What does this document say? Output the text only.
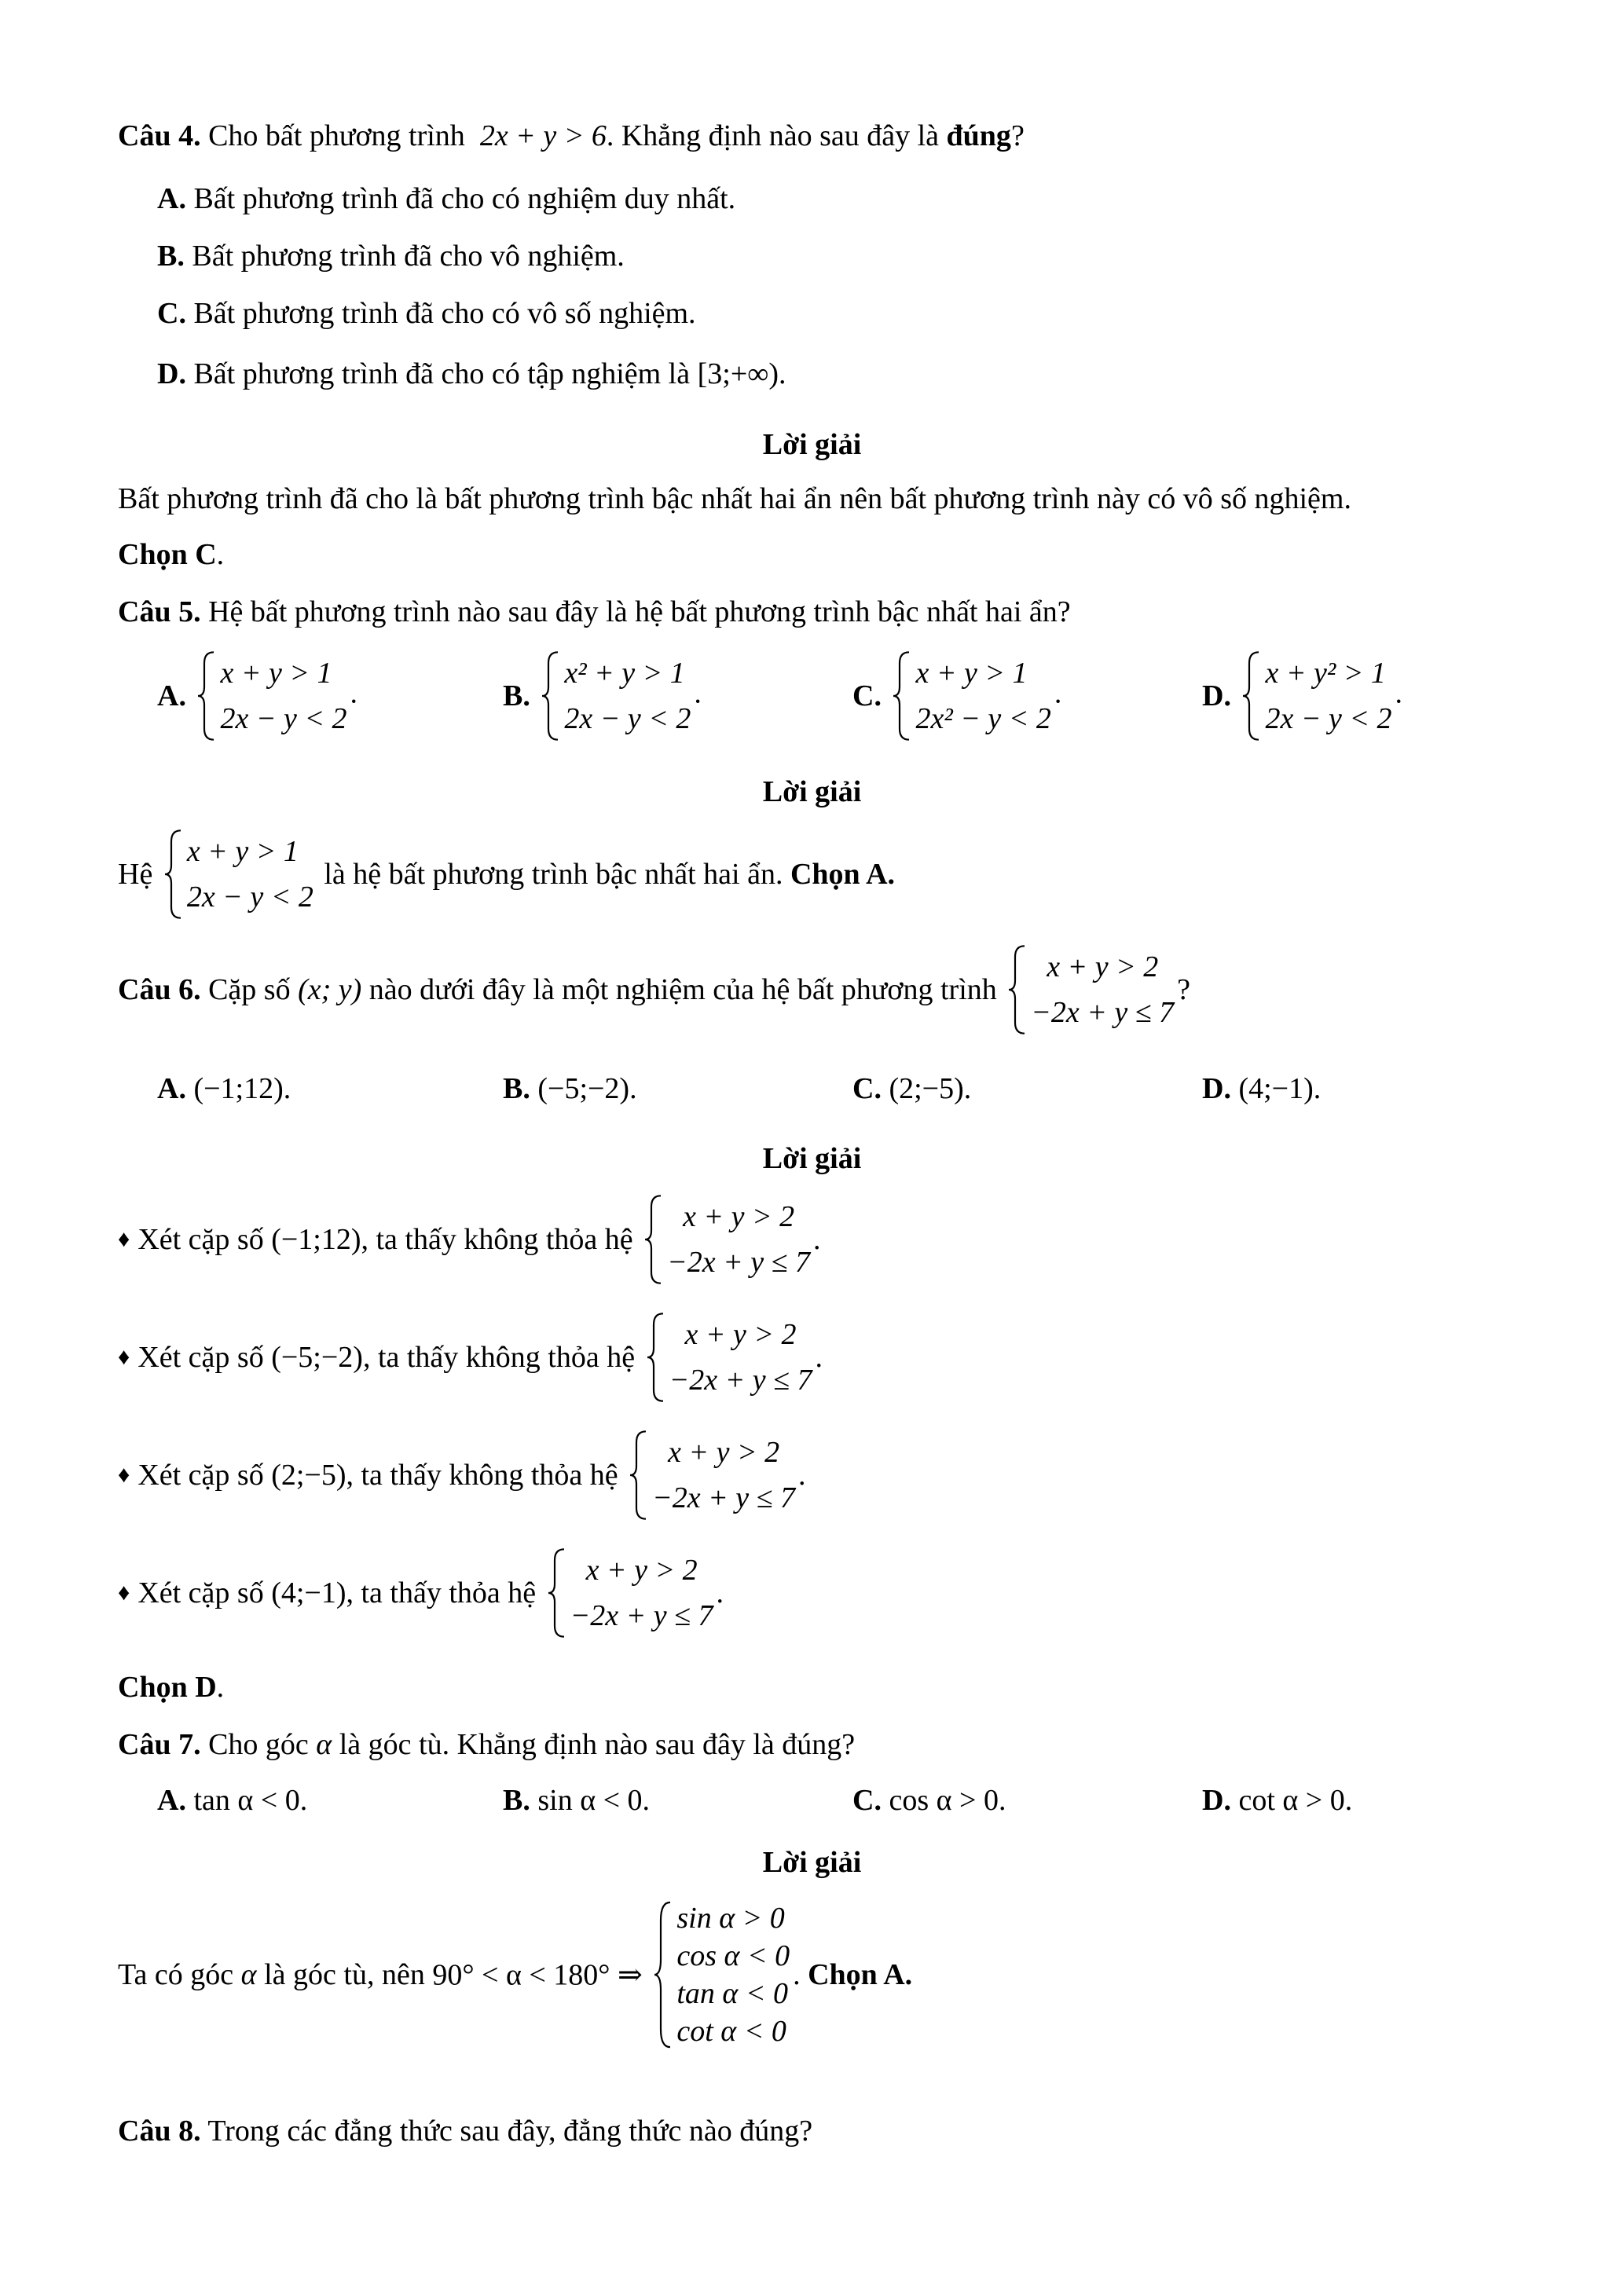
Câu 4. Cho bất phương trình 2x + y > 6. Khẳng định nào sau đây là đúng?
A. Bất phương trình đã cho có nghiệm duy nhất.
B. Bất phương trình đã cho vô nghiệm.
C. Bất phương trình đã cho có vô số nghiệm.
D. Bất phương trình đã cho có tập nghiệm là [3;+∞).
Lời giải
Bất phương trình đã cho là bất phương trình bậc nhất hai ẩn nên bất phương trình này có vô số nghiệm.
Chọn C.
Câu 5. Hệ bất phương trình nào sau đây là hệ bất phương trình bậc nhất hai ẩn?
A.
x + y > 1
2x − y < 2
.	B.
x² + y > 1
2x − y < 2
.	C.
x + y > 1
2x² − y < 2
.	D.
x + y² > 1
2x − y < 2
.
Lời giải
Hệ
x + y > 1
2x − y < 2
là hệ bất phương trình bậc nhất hai ẩn. Chọn A.
Câu 6. Cặp số (x; y) nào dưới đây là một nghiệm của hệ bất phương trình
x + y > 2
−2x + y ≤ 7
?
A. (−1;12).	B. (−5;−2).	C. (2;−5).	D. (4;−1).
Lời giải
♦ Xét cặp số (−1;12), ta thấy không thỏa hệ
x + y > 2
−2x + y ≤ 7
.
♦ Xét cặp số (−5;−2), ta thấy không thỏa hệ
x + y > 2
−2x + y ≤ 7
.
♦ Xét cặp số (2;−5), ta thấy không thỏa hệ
x + y > 2
−2x + y ≤ 7
.
♦ Xét cặp số (4;−1), ta thấy thỏa hệ
x + y > 2
−2x + y ≤ 7
.
Chọn D.
Câu 7. Cho góc α là góc tù. Khẳng định nào sau đây là đúng?
A. tan α < 0.	B. sin α < 0.	C. cos α > 0.	D. cot α > 0.
Lời giải
Ta có góc α là góc tù, nên 90° < α < 180° ⇒
sin α > 0
cos α < 0
tan α < 0
cot α < 0
. Chọn A.
Câu 8. Trong các đẳng thức sau đây, đẳng thức nào đúng?
